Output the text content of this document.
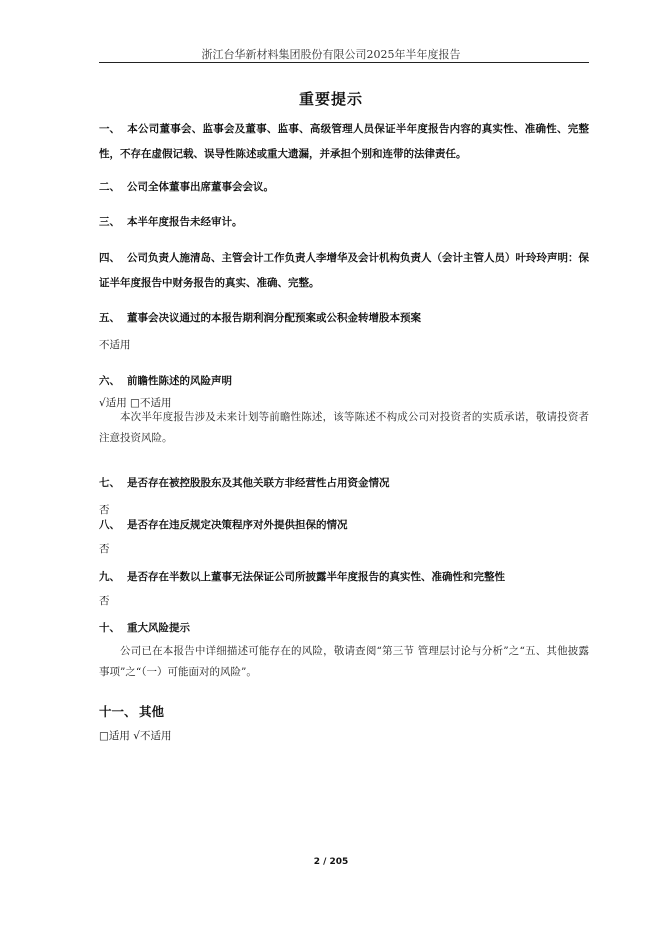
浙江台华新材料集团股份有限公司2025年半年度报告
重要提示
一、 本公司董事会、监事会及董事、监事、高级管理人员保证半年度报告内容的真实性、准确性、完整性，不存在虚假记载、误导性陈述或重大遗漏，并承担个别和连带的法律责任。
二、 公司全体董事出席董事会会议。
三、 本半年度报告未经审计。
四、 公司负责人施清岛、主管会计工作负责人李增华及会计机构负责人（会计主管人员）叶玲玲声明：保证半年度报告中财务报告的真实、准确、完整。
五、 董事会决议通过的本报告期利润分配预案或公积金转增股本预案
不适用
六、 前瞻性陈述的风险声明
√适用 □不适用
本次半年度报告涉及未来计划等前瞻性陈述，该等陈述不构成公司对投资者的实质承诺，敬请投资者注意投资风险。
七、 是否存在被控股股东及其他关联方非经营性占用资金情况
否
八、 是否存在违反规定决策程序对外提供担保的情况
否
九、 是否存在半数以上董事无法保证公司所披露半年度报告的真实性、准确性和完整性
否
十、 重大风险提示
公司已在本报告中详细描述可能存在的风险，敬请查阅“第三节 管理层讨论与分析”之“五、其他披露事项”之“（一）可能面对的风险”。
十一、 其他
□适用 √不适用
2 / 205
